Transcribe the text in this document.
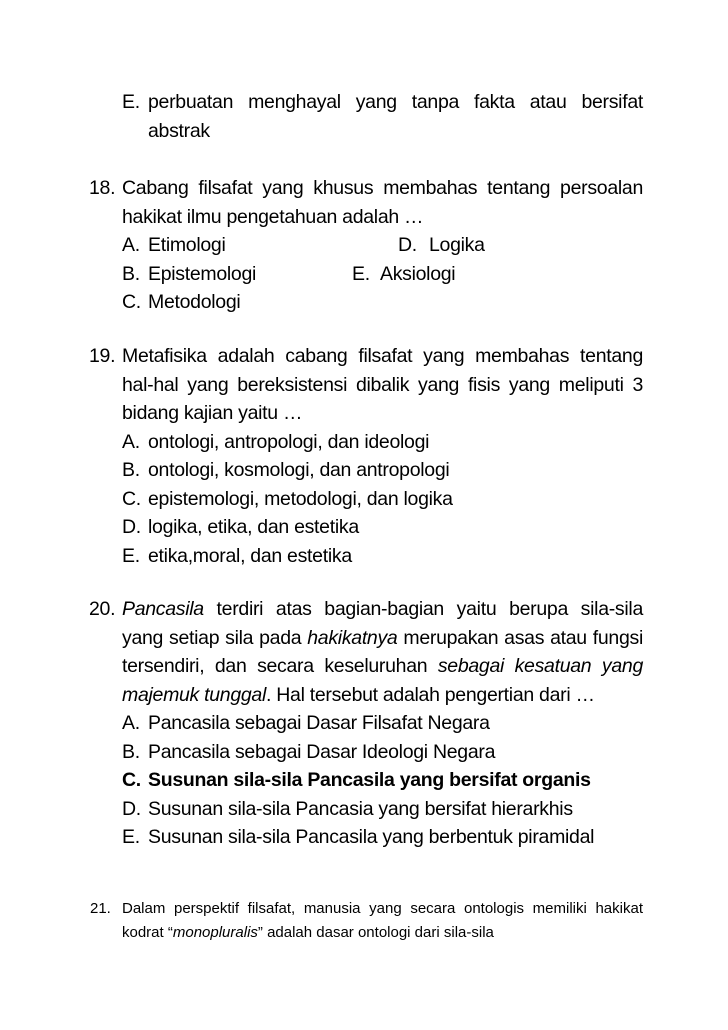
E. perbuatan menghayal yang tanpa fakta atau bersifat abstrak
18. Cabang filsafat yang khusus membahas tentang persoalan hakikat ilmu pengetahuan adalah …
A. Etimologi	D. Logika
B. Epistemologi	E. Aksiologi
C. Metodologi
19. Metafisika adalah cabang filsafat yang membahas tentang hal-hal yang bereksistensi dibalik yang fisis yang meliputi 3 bidang kajian yaitu …
A. ontologi, antropologi, dan ideologi
B. ontologi, kosmologi, dan antropologi
C. epistemologi, metodologi, dan logika
D. logika, etika, dan estetika
E. etika,moral, dan estetika
20. Pancasila terdiri atas bagian-bagian yaitu berupa sila-sila yang setiap sila pada hakikatnya merupakan asas atau fungsi tersendiri, dan secara keseluruhan sebagai kesatuan yang majemuk tunggal. Hal tersebut adalah pengertian dari …
A. Pancasila sebagai Dasar Filsafat Negara
B. Pancasila sebagai Dasar Ideologi Negara
C. Susunan sila-sila Pancasila yang bersifat organis
D. Susunan sila-sila Pancasia yang bersifat hierarkhis
E. Susunan sila-sila Pancasila yang berbentuk piramidal
21. Dalam perspektif filsafat, manusia yang secara ontologis memiliki hakikat kodrat “monopluralis” adalah dasar ontologi dari sila-sila
